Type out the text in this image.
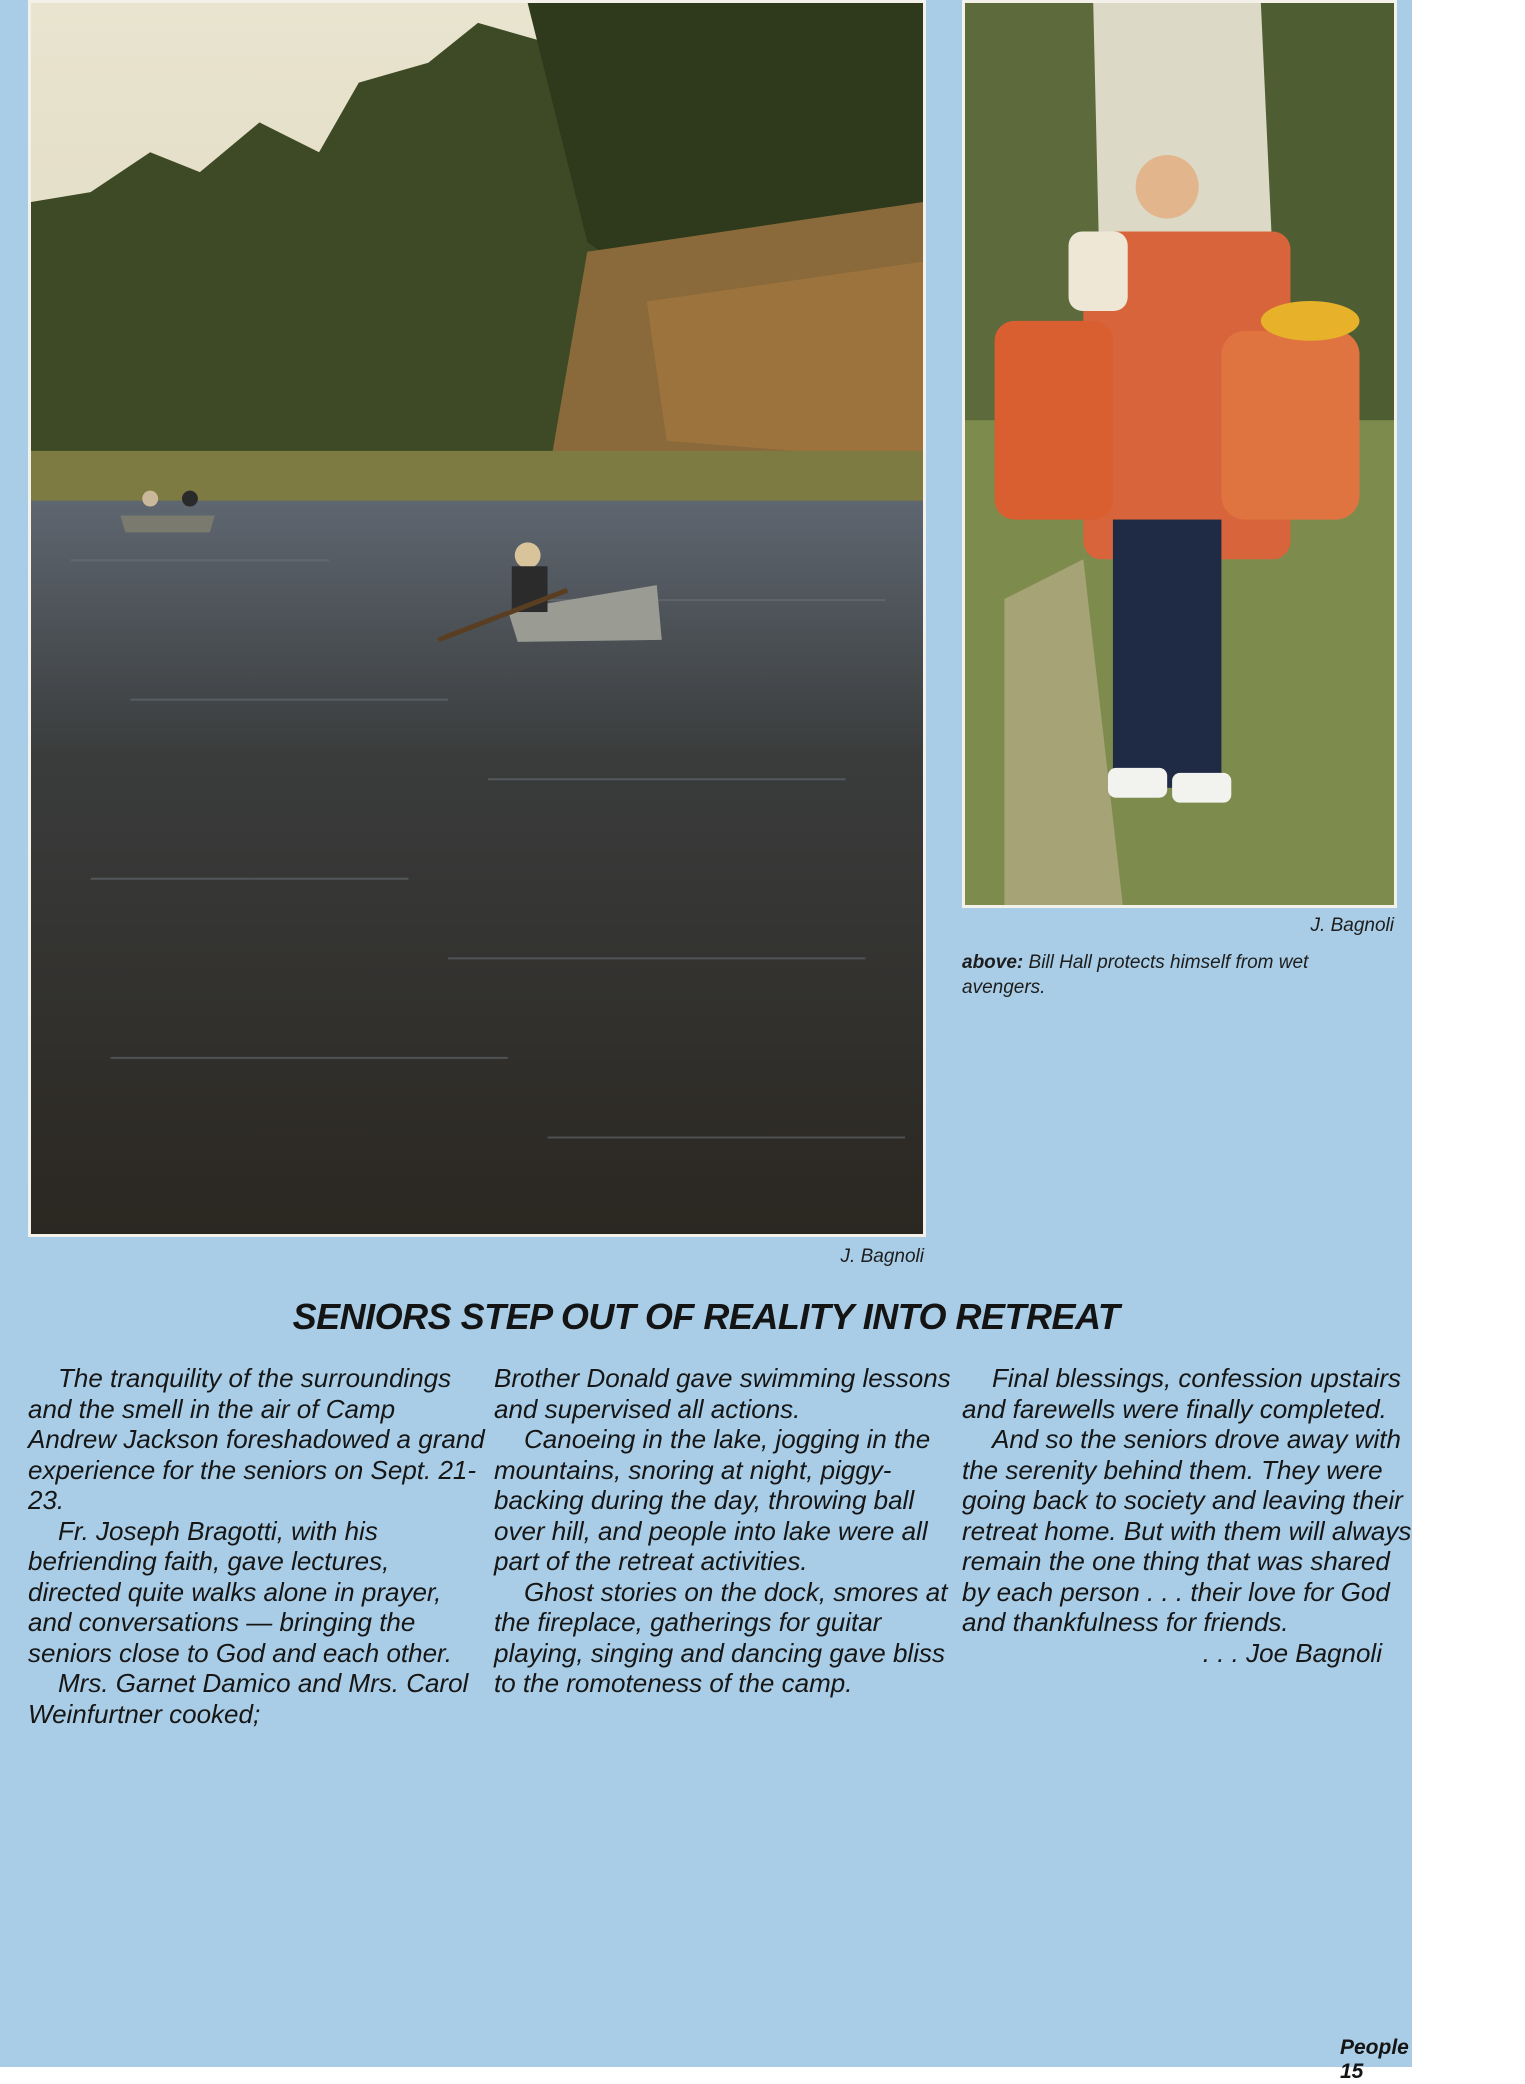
J. Bagnoli
J. Bagnoli
above: Bill Hall protects himself from wet avengers.
SENIORS STEP OUT OF REALITY INTO RETREAT

The tranquility of the surroundings and the smell in the air of Camp Andrew Jackson foreshadowed a grand experience for the seniors on Sept. 21-23.

Fr. Joseph Bragotti, with his befriending faith, gave lectures, directed quite walks alone in prayer, and conversations — bringing the seniors close to God and each other.

Mrs. Garnet Damico and Mrs. Carol Weinfurtner cooked;

Brother Donald gave swimming lessons and supervised all actions.

Canoeing in the lake, jogging in the mountains, snoring at night, piggy-backing during the day, throwing ball over hill, and people into lake were all part of the retreat activities.

Ghost stories on the dock, smores at the fireplace, gatherings for guitar playing, singing and dancing gave bliss to the romoteness of the camp.

Final blessings, confession upstairs and farewells were finally completed.

And so the seniors drove away with the serenity behind them. They were going back to society and leaving their retreat home. But with them will always remain the one thing that was shared by each person . . . their love for God and thankfulness for friends.

. . . Joe Bagnoli

People 15
